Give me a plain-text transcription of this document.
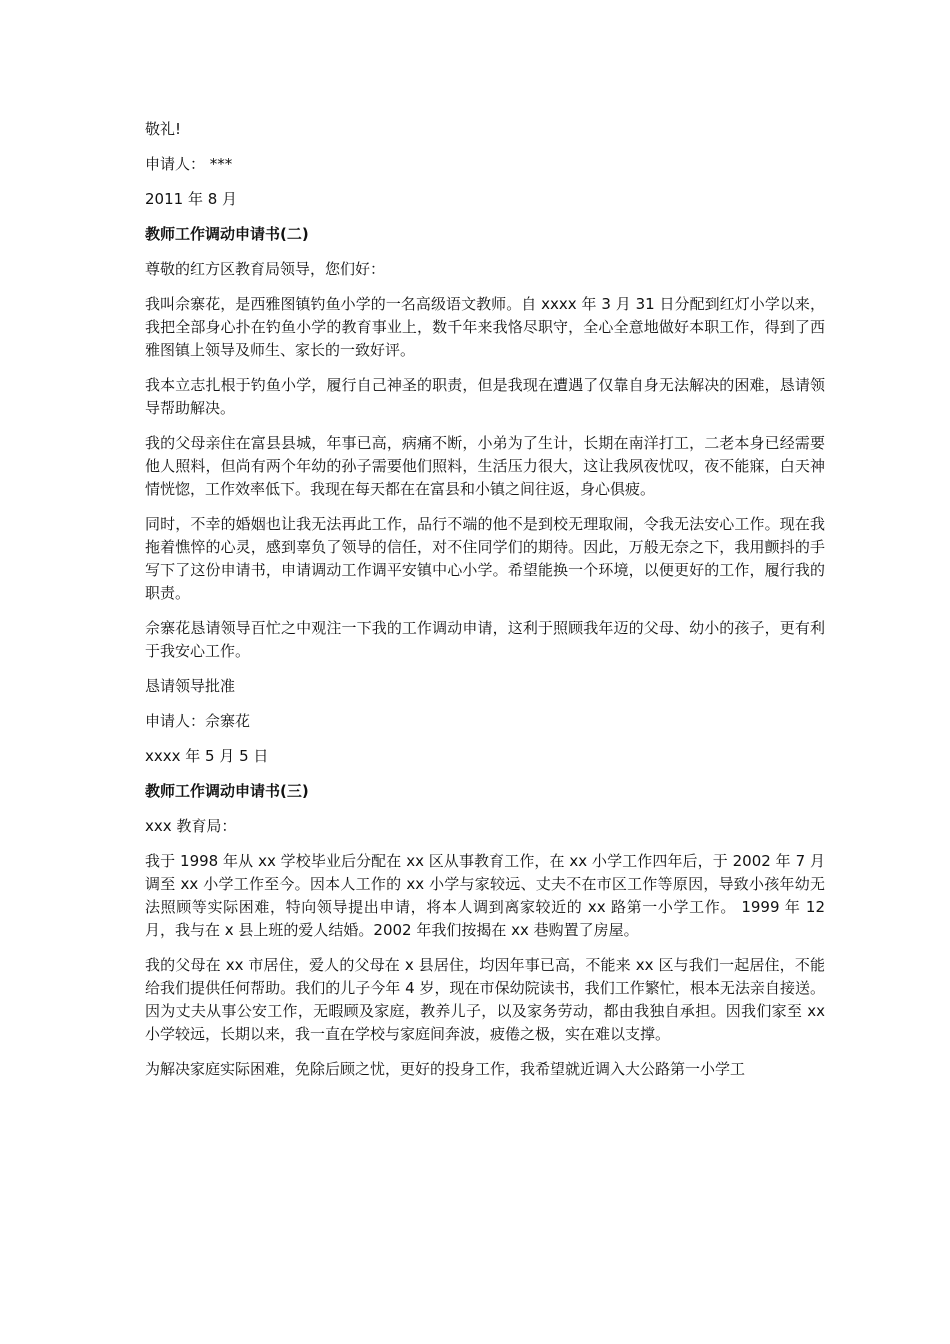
敬礼!

申请人： ***

2011 年 8 月

教师工作调动申请书(二)

尊敬的红方区教育局领导，您们好：

我叫佘寨花，是西雅图镇钓鱼小学的一名高级语文教师。自 xxxx 年 3 月 31 日分配到红灯小学以来，我把全部身心扑在钓鱼小学的教育事业上，数千年来我恪尽职守，全心全意地做好本职工作，得到了西雅图镇上领导及师生、家长的一致好评。

我本立志扎根于钓鱼小学，履行自己神圣的职责，但是我现在遭遇了仅靠自身无法解决的困难，恳请领导帮助解决。

我的父母亲住在富县县城，年事已高，病痛不断，小弟为了生计，长期在南洋打工，二老本身已经需要他人照料，但尚有两个年幼的孙子需要他们照料，生活压力很大，这让我夙夜忧叹，夜不能寐，白天神情恍惚，工作效率低下。我现在每天都在在富县和小镇之间往返，身心俱疲。

同时，不幸的婚姻也让我无法再此工作，品行不端的他不是到校无理取闹，令我无法安心工作。现在我拖着憔悴的心灵，感到辜负了领导的信任，对不住同学们的期待。因此，万般无奈之下，我用颤抖的手写下了这份申请书，申请调动工作调平安镇中心小学。希望能换一个环境，以便更好的工作，履行我的职责。

佘寨花恳请领导百忙之中观注一下我的工作调动申请，这利于照顾我年迈的父母、幼小的孩子，更有利于我安心工作。

恳请领导批准

申请人：佘寨花

xxxx 年 5 月 5 日

教师工作调动申请书(三)

xxx 教育局：

我于 1998 年从 xx 学校毕业后分配在 xx 区从事教育工作，在 xx 小学工作四年后，于 2002 年 7 月调至 xx 小学工作至今。因本人工作的 xx 小学与家较远、丈夫不在市区工作等原因，导致小孩年幼无法照顾等实际困难，特向领导提出申请，将本人调到离家较近的 xx 路第一小学工作。 1999 年 12 月，我与在 x 县上班的爱人结婚。2002 年我们按揭在 xx 巷购置了房屋。

我的父母在 xx 市居住，爱人的父母在 x 县居住，均因年事已高，不能来 xx 区与我们一起居住，不能给我们提供任何帮助。我们的儿子今年 4 岁，现在市保幼院读书，我们工作繁忙，根本无法亲自接送。因为丈夫从事公安工作，无暇顾及家庭，教养儿子，以及家务劳动，都由我独自承担。因我们家至 xx 小学较远，长期以来，我一直在学校与家庭间奔波，疲倦之极，实在难以支撑。

为解决家庭实际困难，免除后顾之忧，更好的投身工作，我希望就近调入大公路第一小学工
